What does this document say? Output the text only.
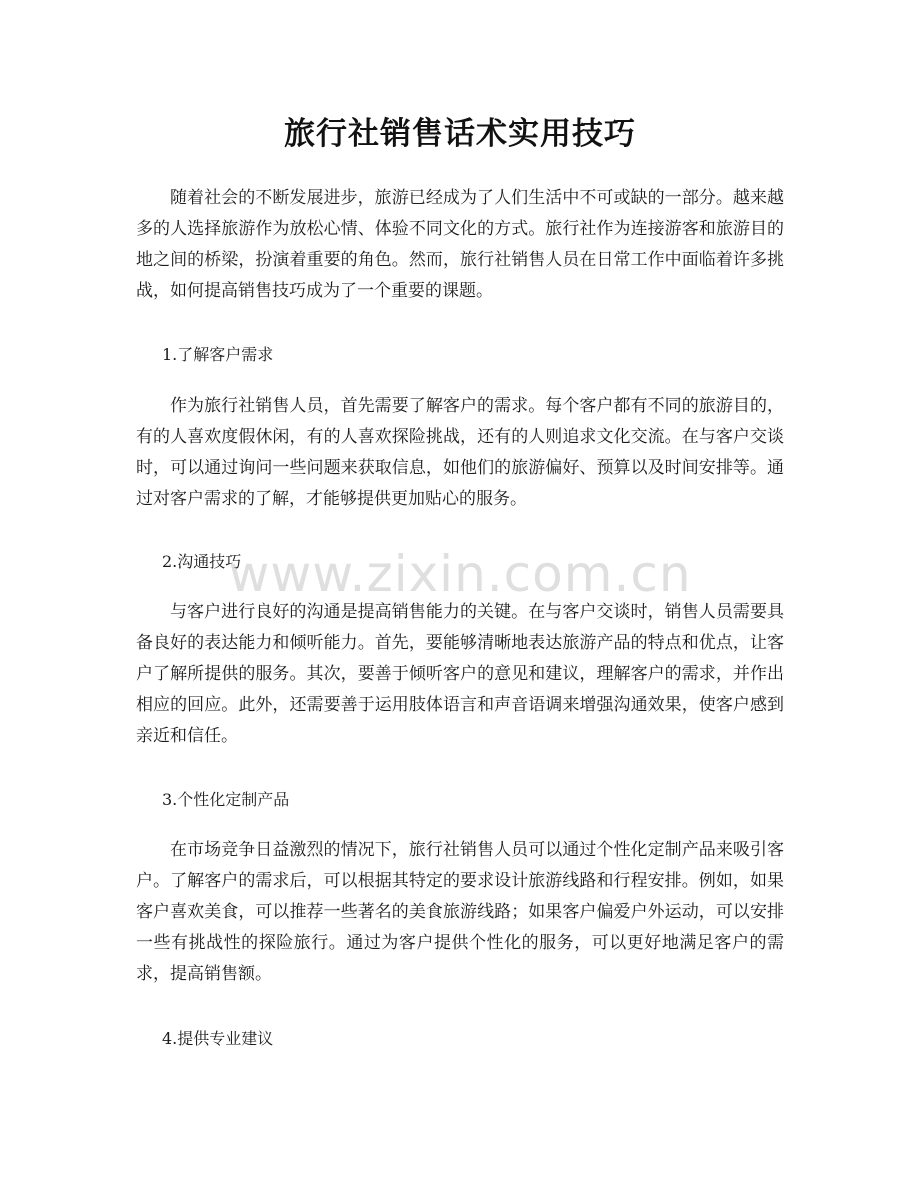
旅行社销售话术实用技巧

随着社会的不断发展进步，旅游已经成为了人们生活中不可或缺的一部分。越来越多的人选择旅游作为放松心情、体验不同文化的方式。旅行社作为连接游客和旅游目的地之间的桥梁，扮演着重要的角色。然而，旅行社销售人员在日常工作中面临着许多挑战，如何提高销售技巧成为了一个重要的课题。

1.了解客户需求

作为旅行社销售人员，首先需要了解客户的需求。每个客户都有不同的旅游目的，有的人喜欢度假休闲，有的人喜欢探险挑战，还有的人则追求文化交流。在与客户交谈时，可以通过询问一些问题来获取信息，如他们的旅游偏好、预算以及时间安排等。通过对客户需求的了解，才能够提供更加贴心的服务。

2.沟通技巧

与客户进行良好的沟通是提高销售能力的关键。在与客户交谈时，销售人员需要具备良好的表达能力和倾听能力。首先，要能够清晰地表达旅游产品的特点和优点，让客户了解所提供的服务。其次，要善于倾听客户的意见和建议，理解客户的需求，并作出相应的回应。此外，还需要善于运用肢体语言和声音语调来增强沟通效果，使客户感到亲近和信任。

3.个性化定制产品

在市场竞争日益激烈的情况下，旅行社销售人员可以通过个性化定制产品来吸引客户。了解客户的需求后，可以根据其特定的要求设计旅游线路和行程安排。例如，如果客户喜欢美食，可以推荐一些著名的美食旅游线路；如果客户偏爱户外运动，可以安排一些有挑战性的探险旅行。通过为客户提供个性化的服务，可以更好地满足客户的需求，提高销售额。

4.提供专业建议

www.zixin.com.cn
